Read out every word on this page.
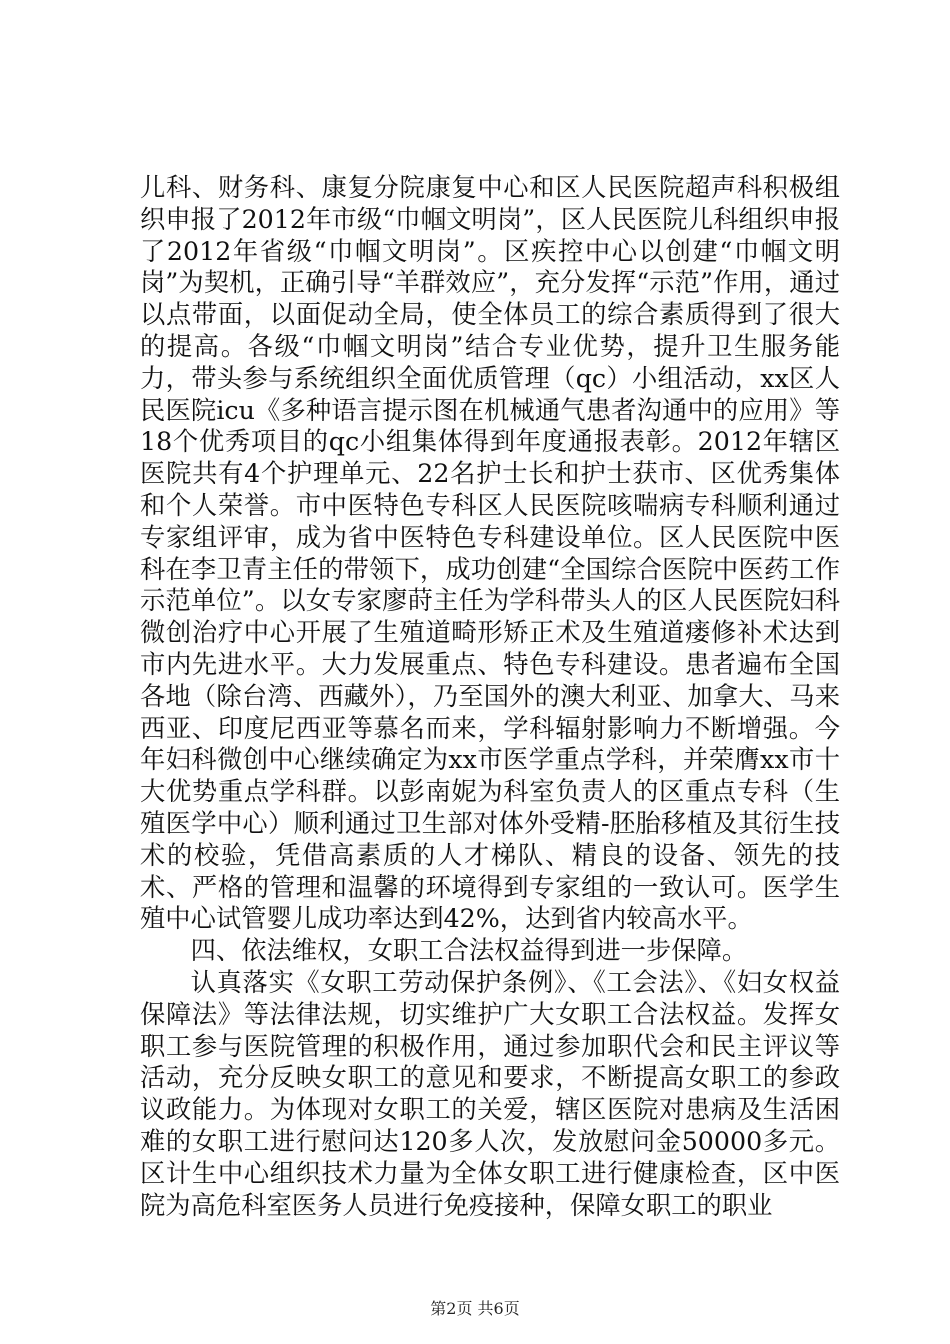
儿科、财务科、康复分院康复中心和区人民医院超声科积极组织申报了2012年市级“巾帼文明岗”，区人民医院儿科组织申报了2012年省级“巾帼文明岗”。区疾控中心以创建“巾帼文明岗”为契机，正确引导“羊群效应”，充分发挥“示范”作用，通过以点带面，以面促动全局，使全体员工的综合素质得到了很大的提高。各级“巾帼文明岗”结合专业优势，提升卫生服务能力，带头参与系统组织全面优质管理（qc）小组活动，xx区人民医院icu《多种语言提示图在机械通气患者沟通中的应用》等18个优秀项目的qc小组集体得到年度通报表彰。2012年辖区医院共有4个护理单元、22名护士长和护士获市、区优秀集体和个人荣誉。市中医特色专科区人民医院咳喘病专科顺利通过专家组评审，成为省中医特色专科建设单位。区人民医院中医科在李卫青主任的带领下，成功创建“全国综合医院中医药工作示范单位”。以女专家廖莳主任为学科带头人的区人民医院妇科微创治疗中心开展了生殖道畸形矫正术及生殖道瘘修补术达到市内先进水平。大力发展重点、特色专科建设。患者遍布全国各地（除台湾、西藏外），乃至国外的澳大利亚、加拿大、马来西亚、印度尼西亚等慕名而来，学科辐射影响力不断增强。今年妇科微创中心继续确定为xx市医学重点学科，并荣膺xx市十大优势重点学科群。以彭南妮为科室负责人的区重点专科（生殖医学中心）顺利通过卫生部对体外受精-胚胎移植及其衍生技术的校验，凭借高素质的人才梯队、精良的设备、领先的技术、严格的管理和温馨的环境得到专家组的一致认可。医学生殖中心试管婴儿成功率达到42%，达到省内较高水平。

四、依法维权，女职工合法权益得到进一步保障。

认真落实《女职工劳动保护条例》、《工会法》、《妇女权益保障法》等法律法规，切实维护广大女职工合法权益。发挥女职工参与医院管理的积极作用，通过参加职代会和民主评议等活动，充分反映女职工的意见和要求，不断提高女职工的参政议政能力。为体现对女职工的关爱，辖区医院对患病及生活困难的女职工进行慰问达120多人次，发放慰问金50000多元。区计生中心组织技术力量为全体女职工进行健康检查，区中医院为高危科室医务人员进行免疫接种，保障女职工的职业

第2页 共6页
